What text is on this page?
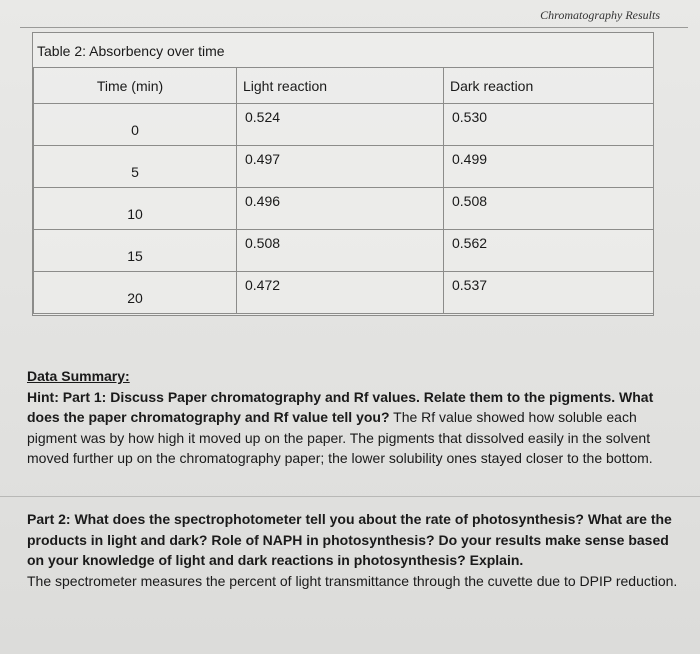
Chromatography Results
Table 2: Absorbency over time
Time (min)	Light reaction	Dark reaction
0	0.524	0.530
5	0.497	0.499
10	0.496	0.508
15	0.508	0.562
20	0.472	0.537
Data Summary:
Hint: Part 1: Discuss Paper chromatography and Rf values. Relate them to the pigments. What does the paper chromatography and Rf value tell you? The Rf value showed how soluble each pigment was by how high it moved up on the paper. The pigments that dissolved easily in the solvent moved further up on the chromatography paper; the lower solubility ones stayed closer to the bottom.
Part 2: What does the spectrophotometer tell you about the rate of photosynthesis? What are the products in light and dark? Role of NAPH in photosynthesis? Do your results make sense based on your knowledge of light and dark reactions in photosynthesis? Explain.
The spectrometer measures the percent of light transmittance through the cuvette due to DPIP reduction.
